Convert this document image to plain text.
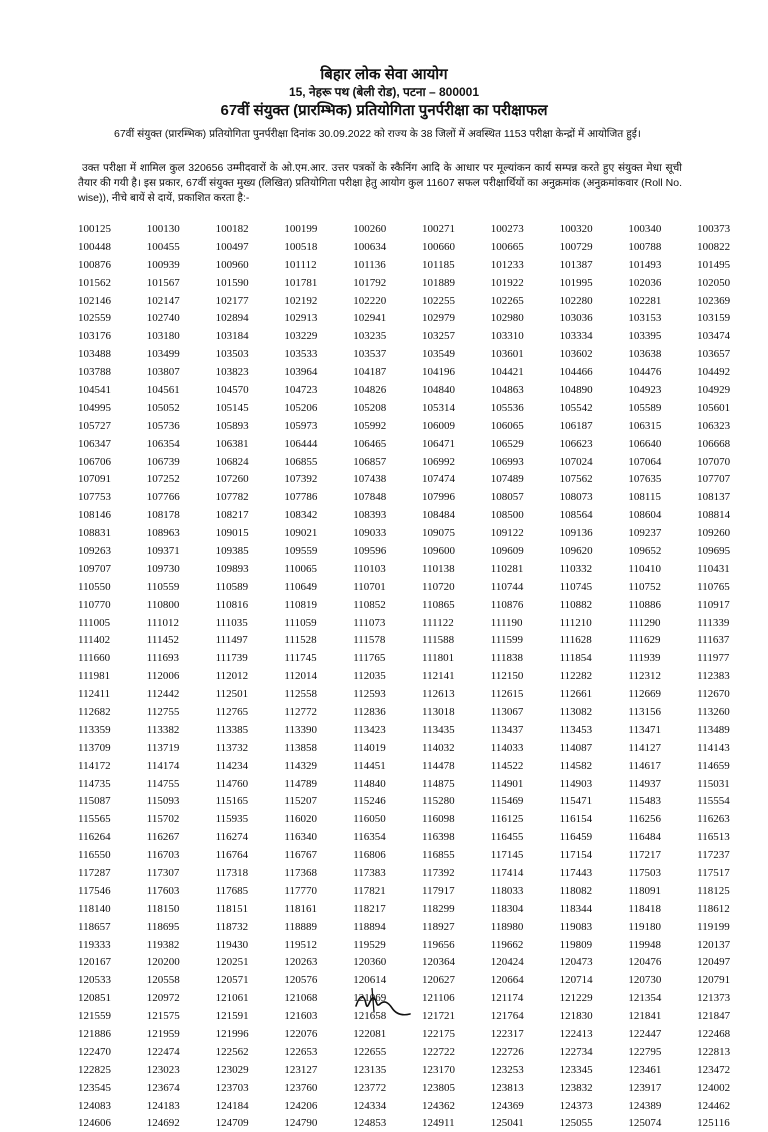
बिहार लोक सेवा आयोग
15, नेहरू पथ (बेली रोड), पटना – 800001
67वीं संयुक्त (प्रारम्भिक) प्रतियोगिता पुनर्परीक्षा का परीक्षाफल
67वीं संयुक्त (प्रारम्भिक) प्रतियोगिता पुनर्परीक्षा दिनांक 30.09.2022 को राज्य के 38 जिलों में अवस्थित 1153 परीक्षा केन्द्रों में आयोजित हुई।
उक्त परीक्षा में शामिल कुल 320656 उम्मीदवारों के ओ.एम.आर. उत्तर पत्रकों के स्कैनिंग आदि के आधार पर मूल्यांकन कार्य सम्पन्न करते हुए संयुक्त मेधा सूची तैयार की गयी है। इस प्रकार, 67वीं संयुक्त मुख्य (लिखित) प्रतियोगिता परीक्षा हेतु आयोग कुल 11607 सफल परीक्षार्थियों का अनुक्रमांक (अनुक्रमांकवार (Roll No. wise)), नीचे बायें से दायें, प्रकाशित करता है:-
100125	100130	100182	100199	100260	100271	100273	100320	100340	100373
100448	100455	100497	100518	100634	100660	100665	100729	100788	100822
100876	100939	100960	101112	101136	101185	101233	101387	101493	101495
101562	101567	101590	101781	101792	101889	101922	101995	102036	102050
102146	102147	102177	102192	102220	102255	102265	102280	102281	102369
102559	102740	102894	102913	102941	102979	102980	103036	103153	103159
103176	103180	103184	103229	103235	103257	103310	103334	103395	103474
103488	103499	103503	103533	103537	103549	103601	103602	103638	103657
103788	103807	103823	103964	104187	104196	104421	104466	104476	104492
104541	104561	104570	104723	104826	104840	104863	104890	104923	104929
104995	105052	105145	105206	105208	105314	105536	105542	105589	105601
105727	105736	105893	105973	105992	106009	106065	106187	106315	106323
106347	106354	106381	106444	106465	106471	106529	106623	106640	106668
106706	106739	106824	106855	106857	106992	106993	107024	107064	107070
107091	107252	107260	107392	107438	107474	107489	107562	107635	107707
107753	107766	107782	107786	107848	107996	108057	108073	108115	108137
108146	108178	108217	108342	108393	108484	108500	108564	108604	108814
108831	108963	109015	109021	109033	109075	109122	109136	109237	109260
109263	109371	109385	109559	109596	109600	109609	109620	109652	109695
109707	109730	109893	110065	110103	110138	110281	110332	110410	110431
110550	110559	110589	110649	110701	110720	110744	110745	110752	110765
110770	110800	110816	110819	110852	110865	110876	110882	110886	110917
111005	111012	111035	111059	111073	111122	111190	111210	111290	111339
111402	111452	111497	111528	111578	111588	111599	111628	111629	111637
111660	111693	111739	111745	111765	111801	111838	111854	111939	111977
111981	112006	112012	112014	112035	112141	112150	112282	112312	112383
112411	112442	112501	112558	112593	112613	112615	112661	112669	112670
112682	112755	112765	112772	112836	113018	113067	113082	113156	113260
113359	113382	113385	113390	113423	113435	113437	113453	113471	113489
113709	113719	113732	113858	114019	114032	114033	114087	114127	114143
114172	114174	114234	114329	114451	114478	114522	114582	114617	114659
114735	114755	114760	114789	114840	114875	114901	114903	114937	115031
115087	115093	115165	115207	115246	115280	115469	115471	115483	115554
115565	115702	115935	116020	116050	116098	116125	116154	116256	116263
116264	116267	116274	116340	116354	116398	116455	116459	116484	116513
116550	116703	116764	116767	116806	116855	117145	117154	117217	117237
117287	117307	117318	117368	117383	117392	117414	117443	117503	117517
117546	117603	117685	117770	117821	117917	118033	118082	118091	118125
118140	118150	118151	118161	118217	118299	118304	118344	118418	118612
118657	118695	118732	118889	118894	118927	118980	119083	119180	119199
119333	119382	119430	119512	119529	119656	119662	119809	119948	120137
120167	120200	120251	120263	120360	120364	120424	120473	120476	120497
120533	120558	120571	120576	120614	120627	120664	120714	120730	120791
120851	120972	121061	121068	121069	121106	121174	121229	121354	121373
121559	121575	121591	121603	121658	121721	121764	121830	121841	121847
121886	121959	121996	122076	122081	122175	122317	122413	122447	122468
122470	122474	122562	122653	122655	122722	122726	122734	122795	122813
122825	123023	123029	123127	123135	123170	123253	123345	123461	123472
123545	123674	123703	123760	123772	123805	123813	123832	123917	124002
124083	124183	124184	124206	124334	124362	124369	124373	124389	124462
124606	124692	124709	124790	124853	124911	125041	125055	125074	125116
